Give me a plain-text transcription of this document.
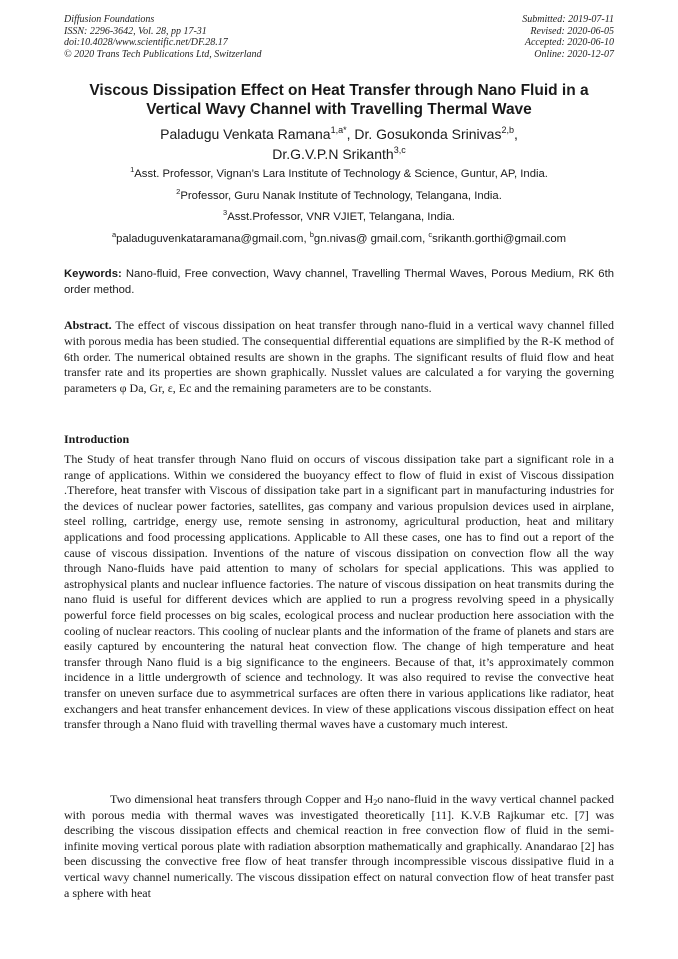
Diffusion Foundations
ISSN: 2296-3642, Vol. 28, pp 17-31
doi:10.4028/www.scientific.net/DF.28.17
© 2020 Trans Tech Publications Ltd, Switzerland
Submitted: 2019-07-11
Revised: 2020-06-05
Accepted: 2020-06-10
Online: 2020-12-07
Viscous Dissipation Effect on Heat Transfer through Nano Fluid in a
Vertical Wavy Channel with Travelling Thermal Wave
Paladugu Venkata Ramana$^{1,a*}$, Dr. Gosukonda Srinivas$^{2,b}$,
Dr.G.V.P.N Srikanth$^{3,c}$
$^1$Asst. Professor, Vignan’s Lara Institute of Technology & Science, Guntur, AP, India.
$^2$Professor, Guru Nanak Institute of Technology, Telangana, India.
$^3$Asst.Professor, VNR VJIET, Telangana, India.
$^a$paladuguvenkataramana@gmail.com, $^b$gn.nivas@ gmail.com, $^c$srikanth.gorthi@gmail.com
Keywords: Nano-fluid, Free convection, Wavy channel, Travelling Thermal Waves, Porous Medium, RK 6th order method.
Abstract. The effect of viscous dissipation on heat transfer through nano-fluid in a vertical wavy channel filled with porous media has been studied. The consequential differential equations are simplified by the R-K method of 6th order. The numerical obtained results are shown in the graphs. The significant results of fluid flow and heat transfer rate and its properties are shown graphically. Nusslet values are calculated a for varying the governing parameters φ Da, Gr, ε, Ec and the remaining parameters are to be constants.
Introduction
The Study of heat transfer through Nano fluid on occurs of viscous dissipation take part a significant role in a range of applications. Within we considered the buoyancy effect to flow of fluid in exist of Viscous dissipation .Therefore, heat transfer with Viscous of dissipation take part in a significant part in manufacturing industries for the devices of nuclear power factories, satellites, gas company and various propulsion devices used in airplane, steel rolling, cartridge, energy use, remote sensing in astronomy, agricultural production, heat and military applications and food processing applications. Applicable to All these cases, one has to find out a report of the cause of viscous dissipation. Inventions of the nature of viscous dissipation on convection flow all the way through Nano-fluids have paid attention to many of scholars for special applications. This was applied to astrophysical plants and nuclear influence factories. The nature of viscous dissipation on heat transmits during the nano fluid is useful for different devices which are applied to run a progress revolving speed in a physically powerful force field processes on big scales, ecological process and nuclear production here association with the cooling of nuclear reactors. This cooling of nuclear plants and the information of the frame of planets and stars are easily captured by encountering the natural heat convection flow. The change of high temperature and heat transfer through Nano fluid is a big significance to the engineers. Because of that, it’s approximately common incidence in a little undergrowth of science and technology. It was also required to revise the convective heat transfer on uneven surface due to asymmetrical surfaces are often there in various applications like radiator, heat exchangers and heat transfer enhancement devices. In view of these applications viscous dissipation effect on heat transfer through a Nano fluid with travelling thermal waves have a customary much interest.
Two dimensional heat transfers through Copper and $H_2o$ nano-fluid in the wavy vertical channel packed with porous media with thermal waves was investigated theoretically [11]. K.V.B Rajkumar etc. [7] was describing the viscous dissipation effects and chemical reaction in free convection flow of fluid in the semi-infinite moving vertical porous plate with radiation absorption mathematically and graphically. Anandarao [2] has been discussing the convective free flow of heat transfer through incompressible viscous dissipative fluid in a vertical wavy channel numerically. The viscous dissipation effect on natural convection flow of heat transfer past a sphere with heat
